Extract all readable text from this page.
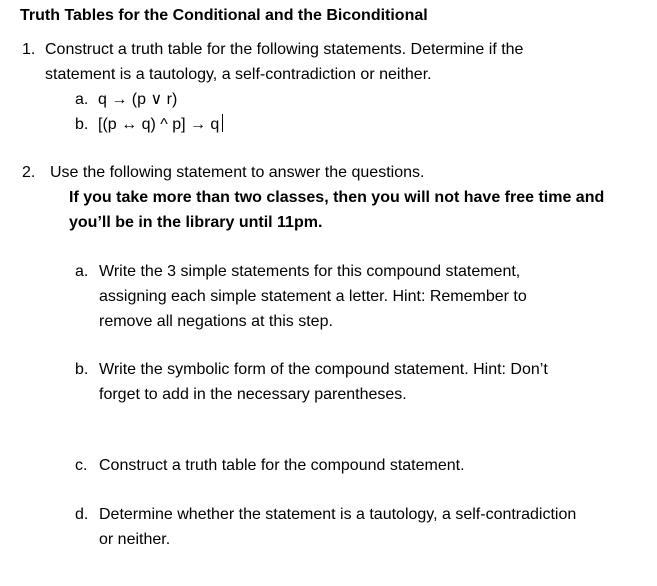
Truth Tables for the Conditional and the Biconditional
1. Construct a truth table for the following statements. Determine if the
statement is a tautology, a self-contradiction or neither.
a. q → (p ∨ r)
b. [(p ↔ q) ^ p] → q
2. Use the following statement to answer the questions.
If you take more than two classes, then you will not have free time and
you’ll be in the library until 11pm.
a. Write the 3 simple statements for this compound statement,
assigning each simple statement a letter. Hint: Remember to
remove all negations at this step.
b. Write the symbolic form of the compound statement. Hint: Don’t
forget to add in the necessary parentheses.
c. Construct a truth table for the compound statement.
d. Determine whether the statement is a tautology, a self-contradiction
or neither.
